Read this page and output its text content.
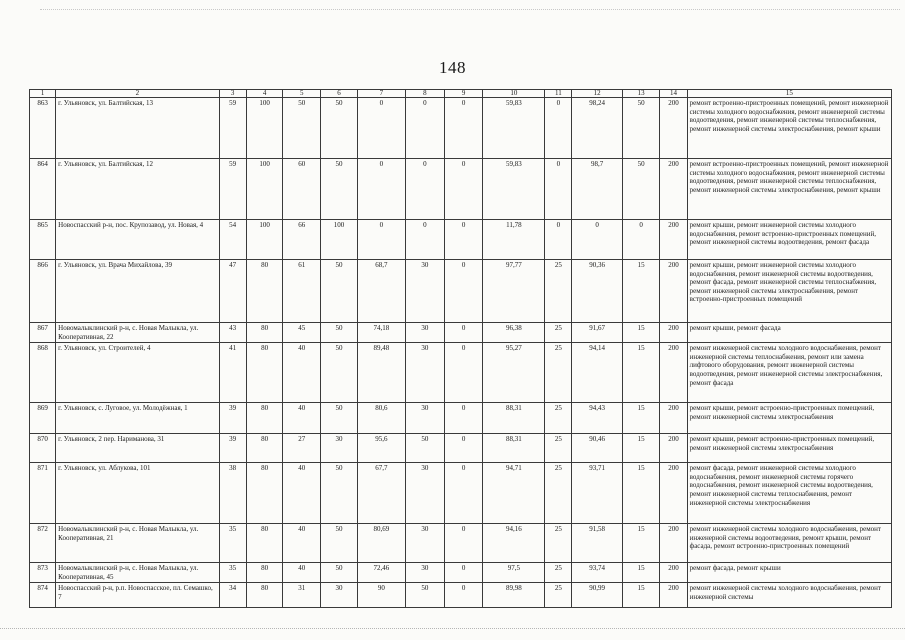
148
1	2	3	4	5	6	7	8	9	10	11	12	13	14	15
863	г. Ульяновск, ул. Балтийская, 13	59	100	50	50	0	0	0	59,83	0	98,24	50	200	ремонт встроенно-пристроенных помещений, ремонт инженерной системы холодного водоснабжения, ремонт инженерной системы водоотведения, ремонт инженерной системы теплоснабжения, ремонт инженерной системы электроснабжения, ремонт крыши
864	г. Ульяновск, ул. Балтийская, 12	59	100	60	50	0	0	0	59,83	0	98,7	50	200	ремонт встроенно-пристроенных помещений, ремонт инженерной системы холодного водоснабжения, ремонт инженерной системы водоотведения, ремонт инженерной системы теплоснабжения, ремонт инженерной системы электроснабжения, ремонт крыши
865	Новоспасский р-н, пос. Крупозавод, ул. Новая, 4	54	100	66	100	0	0	0	11,78	0	0	0	200	ремонт крыши, ремонт инженерной системы холодного водоснабжения, ремонт встроенно-пристроенных помещений, ремонт инженерной системы водоотведения, ремонт фасада
866	г. Ульяновск, ул. Врача Михайлова, 39	47	80	61	50	68,7	30	0	97,77	25	90,36	15	200	ремонт крыши, ремонт инженерной системы холодного водоснабжения, ремонт инженерной системы водоотведения, ремонт фасада, ремонт инженерной системы теплоснабжения, ремонт инженерной системы электроснабжения, ремонт встроенно-пристроенных помещений
867	Новомалыклинский р-н, с. Новая Малыкла, ул. Кооперативная, 22	43	80	45	50	74,18	30	0	96,38	25	91,67	15	200	ремонт крыши, ремонт фасада
868	г. Ульяновск, ул. Строителей, 4	41	80	40	50	89,48	30	0	95,27	25	94,14	15	200	ремонт инженерной системы холодного водоснабжения, ремонт инженерной системы теплоснабжения, ремонт или замена лифтового оборудования, ремонт инженерной системы водоотведения, ремонт инженерной системы электроснабжения, ремонт фасада
869	г. Ульяновск, с. Луговое, ул. Молодёжная, 1	39	80	40	50	80,6	30	0	88,31	25	94,43	15	200	ремонт крыши, ремонт встроенно-пристроенных помещений, ремонт инженерной системы электроснабжения
870	г. Ульяновск, 2 пер. Нариманова, 31	39	80	27	30	95,6	50	0	88,31	25	90,46	15	200	ремонт крыши, ремонт встроенно-пристроенных помещений, ремонт инженерной системы электроснабжения
871	г. Ульяновск, ул. Аблукова, 101	38	80	40	50	67,7	30	0	94,71	25	93,71	15	200	ремонт фасада, ремонт инженерной системы холодного водоснабжения, ремонт инженерной системы горячего водоснабжения, ремонт инженерной системы водоотведения, ремонт инженерной системы теплоснабжения, ремонт инженерной системы электроснабжения
872	Новомалыклинский р-н, с. Новая Малыкла, ул. Кооперативная, 21	35	80	40	50	80,69	30	0	94,16	25	91,58	15	200	ремонт инженерной системы холодного водоснабжения, ремонт инженерной системы водоотведения, ремонт крыши, ремонт фасада, ремонт встроенно-пристроенных помещений
873	Новомалыклинский р-н, с. Новая Малыкла, ул. Кооперативная, 45	35	80	40	50	72,46	30	0	97,5	25	93,74	15	200	ремонт фасада, ремонт крыши
874	Новоспасский р-н, р.п. Новоспасское, пл. Семашко, 7	34	80	31	30	90	50	0	89,98	25	90,99	15	200	ремонт инженерной системы холодного водоснабжения, ремонт инженерной системы
